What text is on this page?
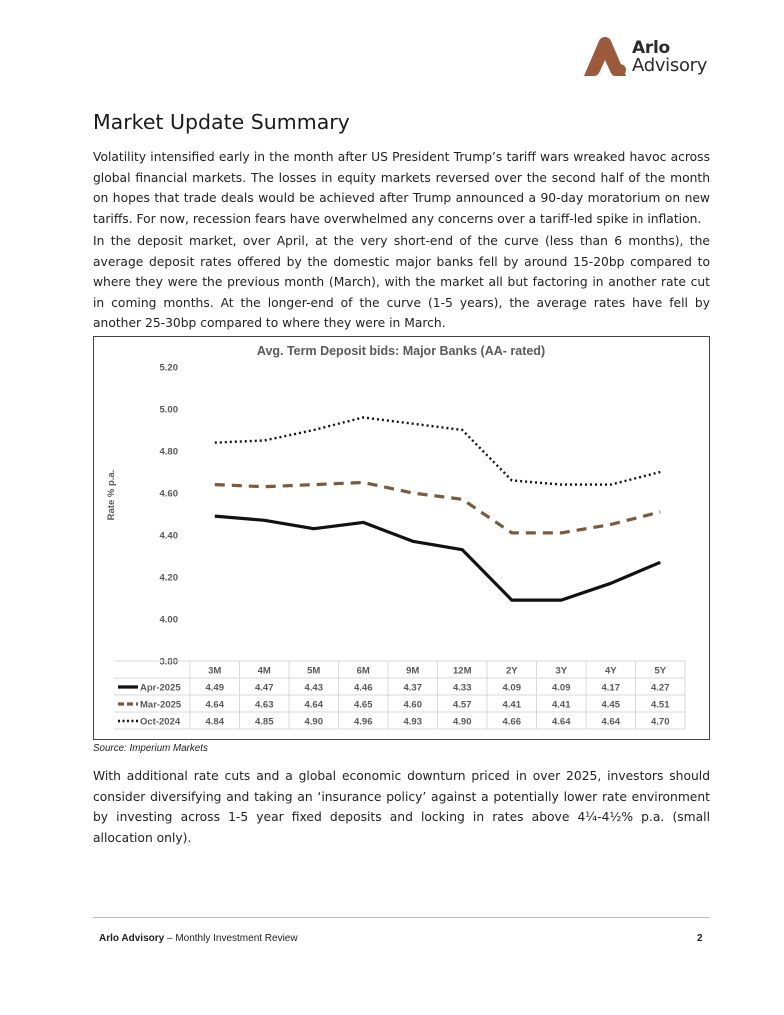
Arlo
Advisory
Market Update Summary

Volatility intensified early in the month after US President Trump’s tariff wars wreaked havoc across global financial markets. The losses in equity markets reversed over the second half of the month on hopes that trade deals would be achieved after Trump announced a 90-day moratorium on new tariffs. For now, recession fears have overwhelmed any concerns over a tariff-led spike in inflation.

In the deposit market, over April, at the very short-end of the curve (less than 6 months), the average deposit rates offered by the domestic major banks fell by around 15-20bp compared to where they were the previous month (March), with the market all but factoring in another rate cut in coming months. At the longer-end of the curve (1-5 years), the average rates have fell by another 25-30bp compared to where they were in March.

Avg. Term Deposit bids: Major Banks (AA- rated)
Rate % p.a.
5.20
5.00
4.80
4.60
4.40
4.20
4.00
3.80
3M	4M	5M	6M	9M	12M	2Y	3Y	4Y	5Y
Apr-2025	4.49	4.47	4.43	4.46	4.37	4.33	4.09	4.09	4.17	4.27
Mar-2025	4.64	4.63	4.64	4.65	4.60	4.57	4.41	4.41	4.45	4.51
Oct-2024	4.84	4.85	4.90	4.96	4.93	4.90	4.66	4.64	4.64	4.70
Source: Imperium Markets

With additional rate cuts and a global economic downturn priced in over 2025, investors should consider diversifying and taking an ‘insurance policy’ against a potentially lower rate environment by investing across 1-5 year fixed deposits and locking in rates above 4¼-4½% p.a. (small allocation only).

Arlo Advisory – Monthly Investment Review	2
